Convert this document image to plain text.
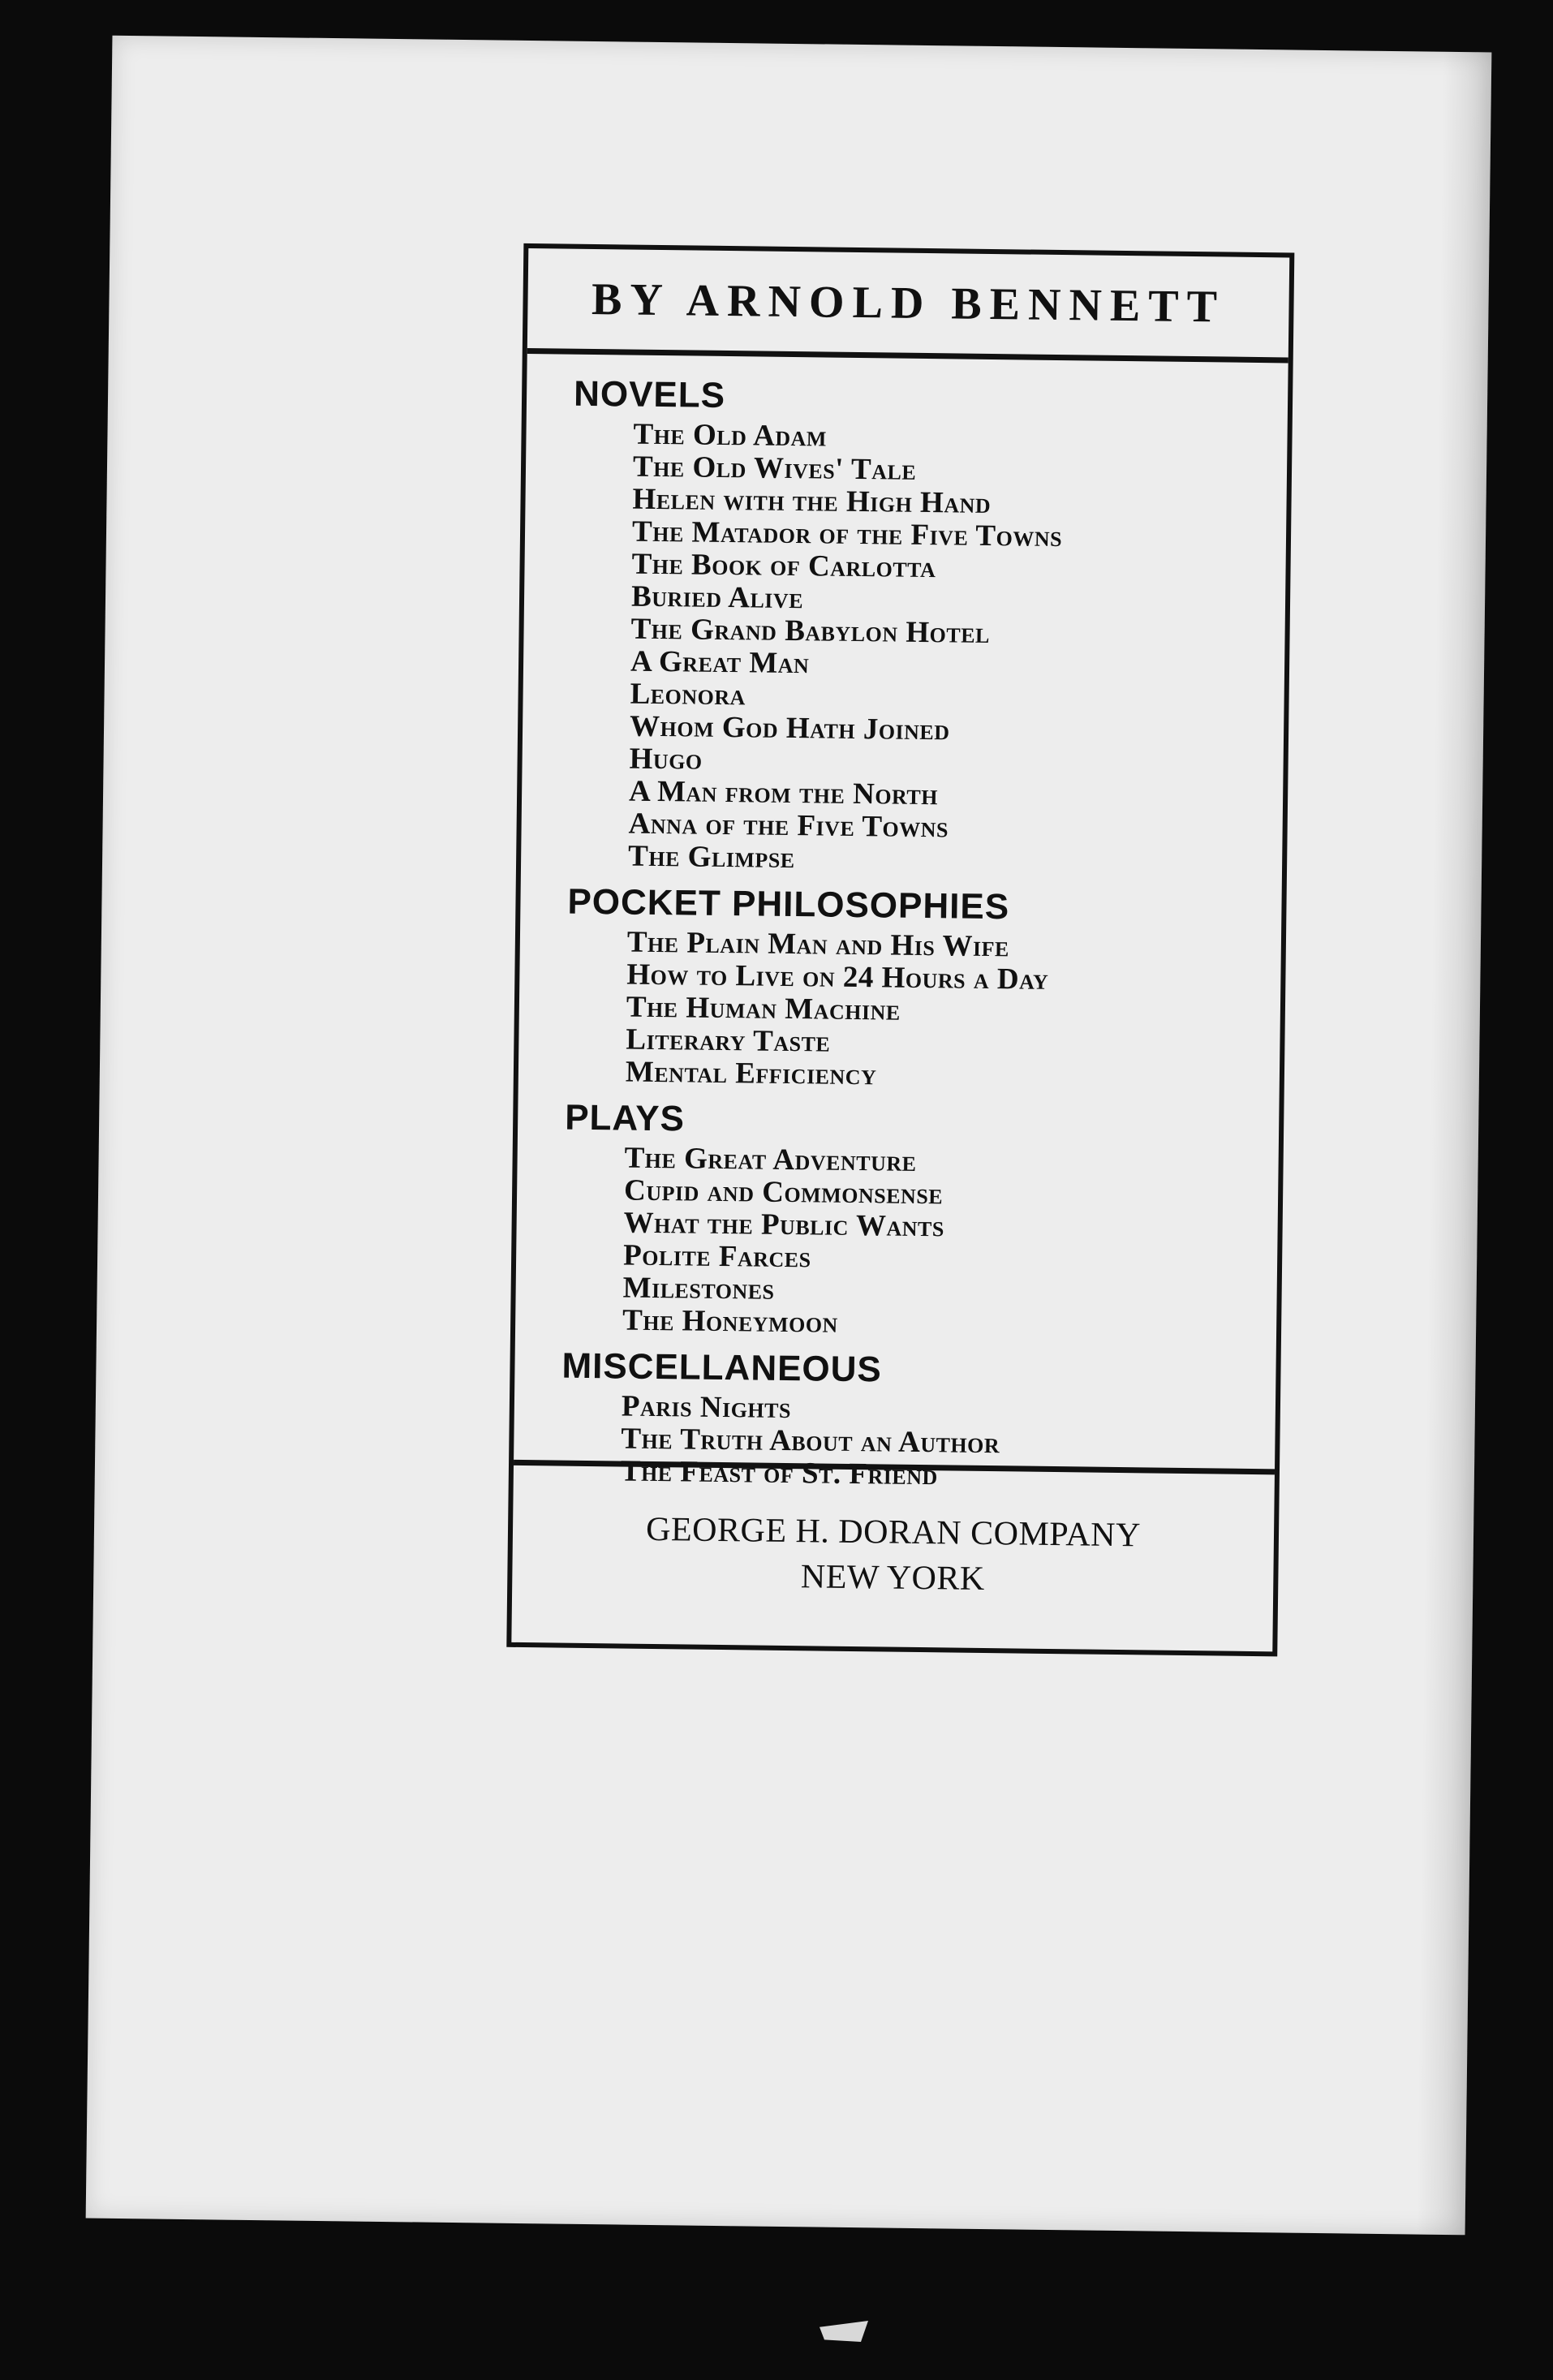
BY ARNOLD BENNETT
NOVELS
The Old Adam
The Old Wives' Tale
Helen with the High Hand
The Matador of the Five Towns
The Book of Carlotta
Buried Alive
The Grand Babylon Hotel
A Great Man
Leonora
Whom God Hath Joined
Hugo
A Man from the North
Anna of the Five Towns
The Glimpse
POCKET PHILOSOPHIES
The Plain Man and His Wife
How to Live on 24 Hours a Day
The Human Machine
Literary Taste
Mental Efficiency
PLAYS
The Great Adventure
Cupid and Commonsense
What the Public Wants
Polite Farces
Milestones
The Honeymoon
MISCELLANEOUS
Paris Nights
The Truth About an Author
The Feast of St. Friend
GEORGE H. DORAN COMPANY
NEW YORK
